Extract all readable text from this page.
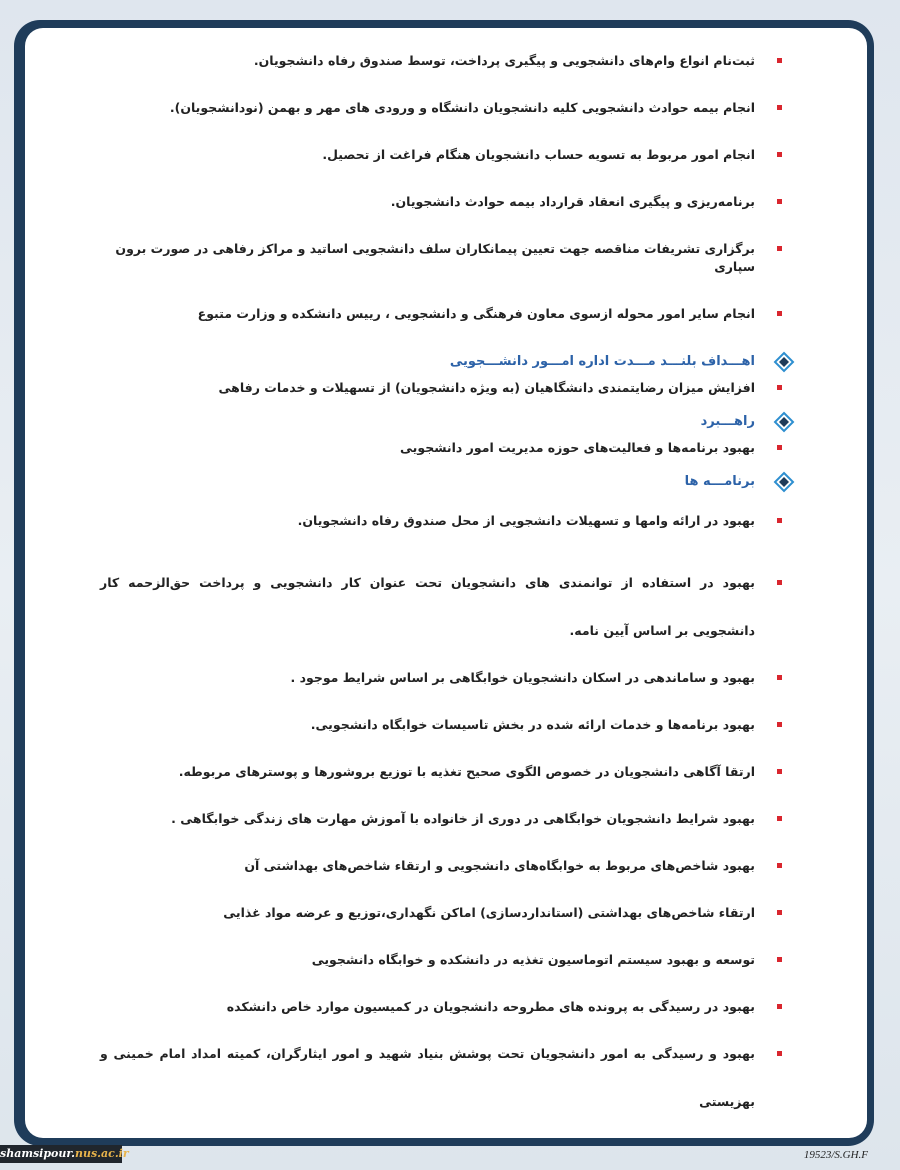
ثبت‌نام انواع وام‌های دانشجویی و پیگیری پرداخت، توسط صندوق رفاه دانشجویان.
انجام بیمه حوادث دانشجویی کلیه دانشجویان دانشگاه و ورودی های مهر و بهمن (نودانشجویان).
انجام امور مربوط به تسویه حساب دانشجویان هنگام فراغت از تحصیل.
برنامه‌ریزی و پیگیری انعقاد قرارداد بیمه حوادث دانشجویان.
برگزاری تشریفات مناقصه جهت تعیین پیمانکاران سلف دانشجویی اساتید و مراکز رفاهی در صورت برون سپاری
انجام سایر امور محوله ازسوی معاون فرهنگی و دانشجویی ، رییس دانشکده و وزارت متبوع
اهـــداف بلنـــد مـــدت اداره امـــور دانشـــجویی
افزایش میزان رضایتمندی دانشگاهیان (به ویژه دانشجویان) از تسهیلات و خدمات رفاهی
راهـــبرد
بهبود برنامه‌ها و فعالیت‌های حوزه مدیریت امور دانشجویی
برنامـــه ها
بهبود در ارائه وامها و تسهیلات دانشجویی از محل صندوق رفاه دانشجویان.
بهبود در استفاده از توانمندی های دانشجویان تحت عنوان کار دانشجویی و پرداخت حق‌الزحمه کار دانشجویی بر اساس آیین نامه.
بهبود و ساماندهی در اسکان دانشجویان خوابگاهی بر اساس شرایط موجود .
بهبود برنامه‌ها و خدمات ارائه شده در بخش تاسیسات خوابگاه دانشجویی.
ارتقا آگاهی دانشجویان در خصوص الگوی صحیح تغذیه با توزیع بروشورها و پوسترهای مربوطه.
بهبود شرایط دانشجویان خوابگاهی در دوری از خانواده با آموزش مهارت های زندگی خوابگاهی .
بهبود شاخص‌های مربوط به خوابگاه‌های دانشجویی و ارتقاء شاخص‌های بهداشتی آن
ارتقاء شاخص‌های بهداشتی (استانداردسازی) اماکن نگهداری،توزیع و عرضه مواد غذایی
توسعه و بهبود سیستم اتوماسیون تغذیه در دانشکده و خوابگاه دانشجویی
بهبود در رسیدگی به پرونده های مطروحه دانشجویان در کمیسیون موارد خاص دانشکده
بهبود و رسیدگی به امور دانشجویان تحت پوشش بنیاد شهید و امور ایثارگران، کمیته امداد امام خمینی و بهزیستی
shamsipour.nus.ac.ir	19523/S.GH.F
